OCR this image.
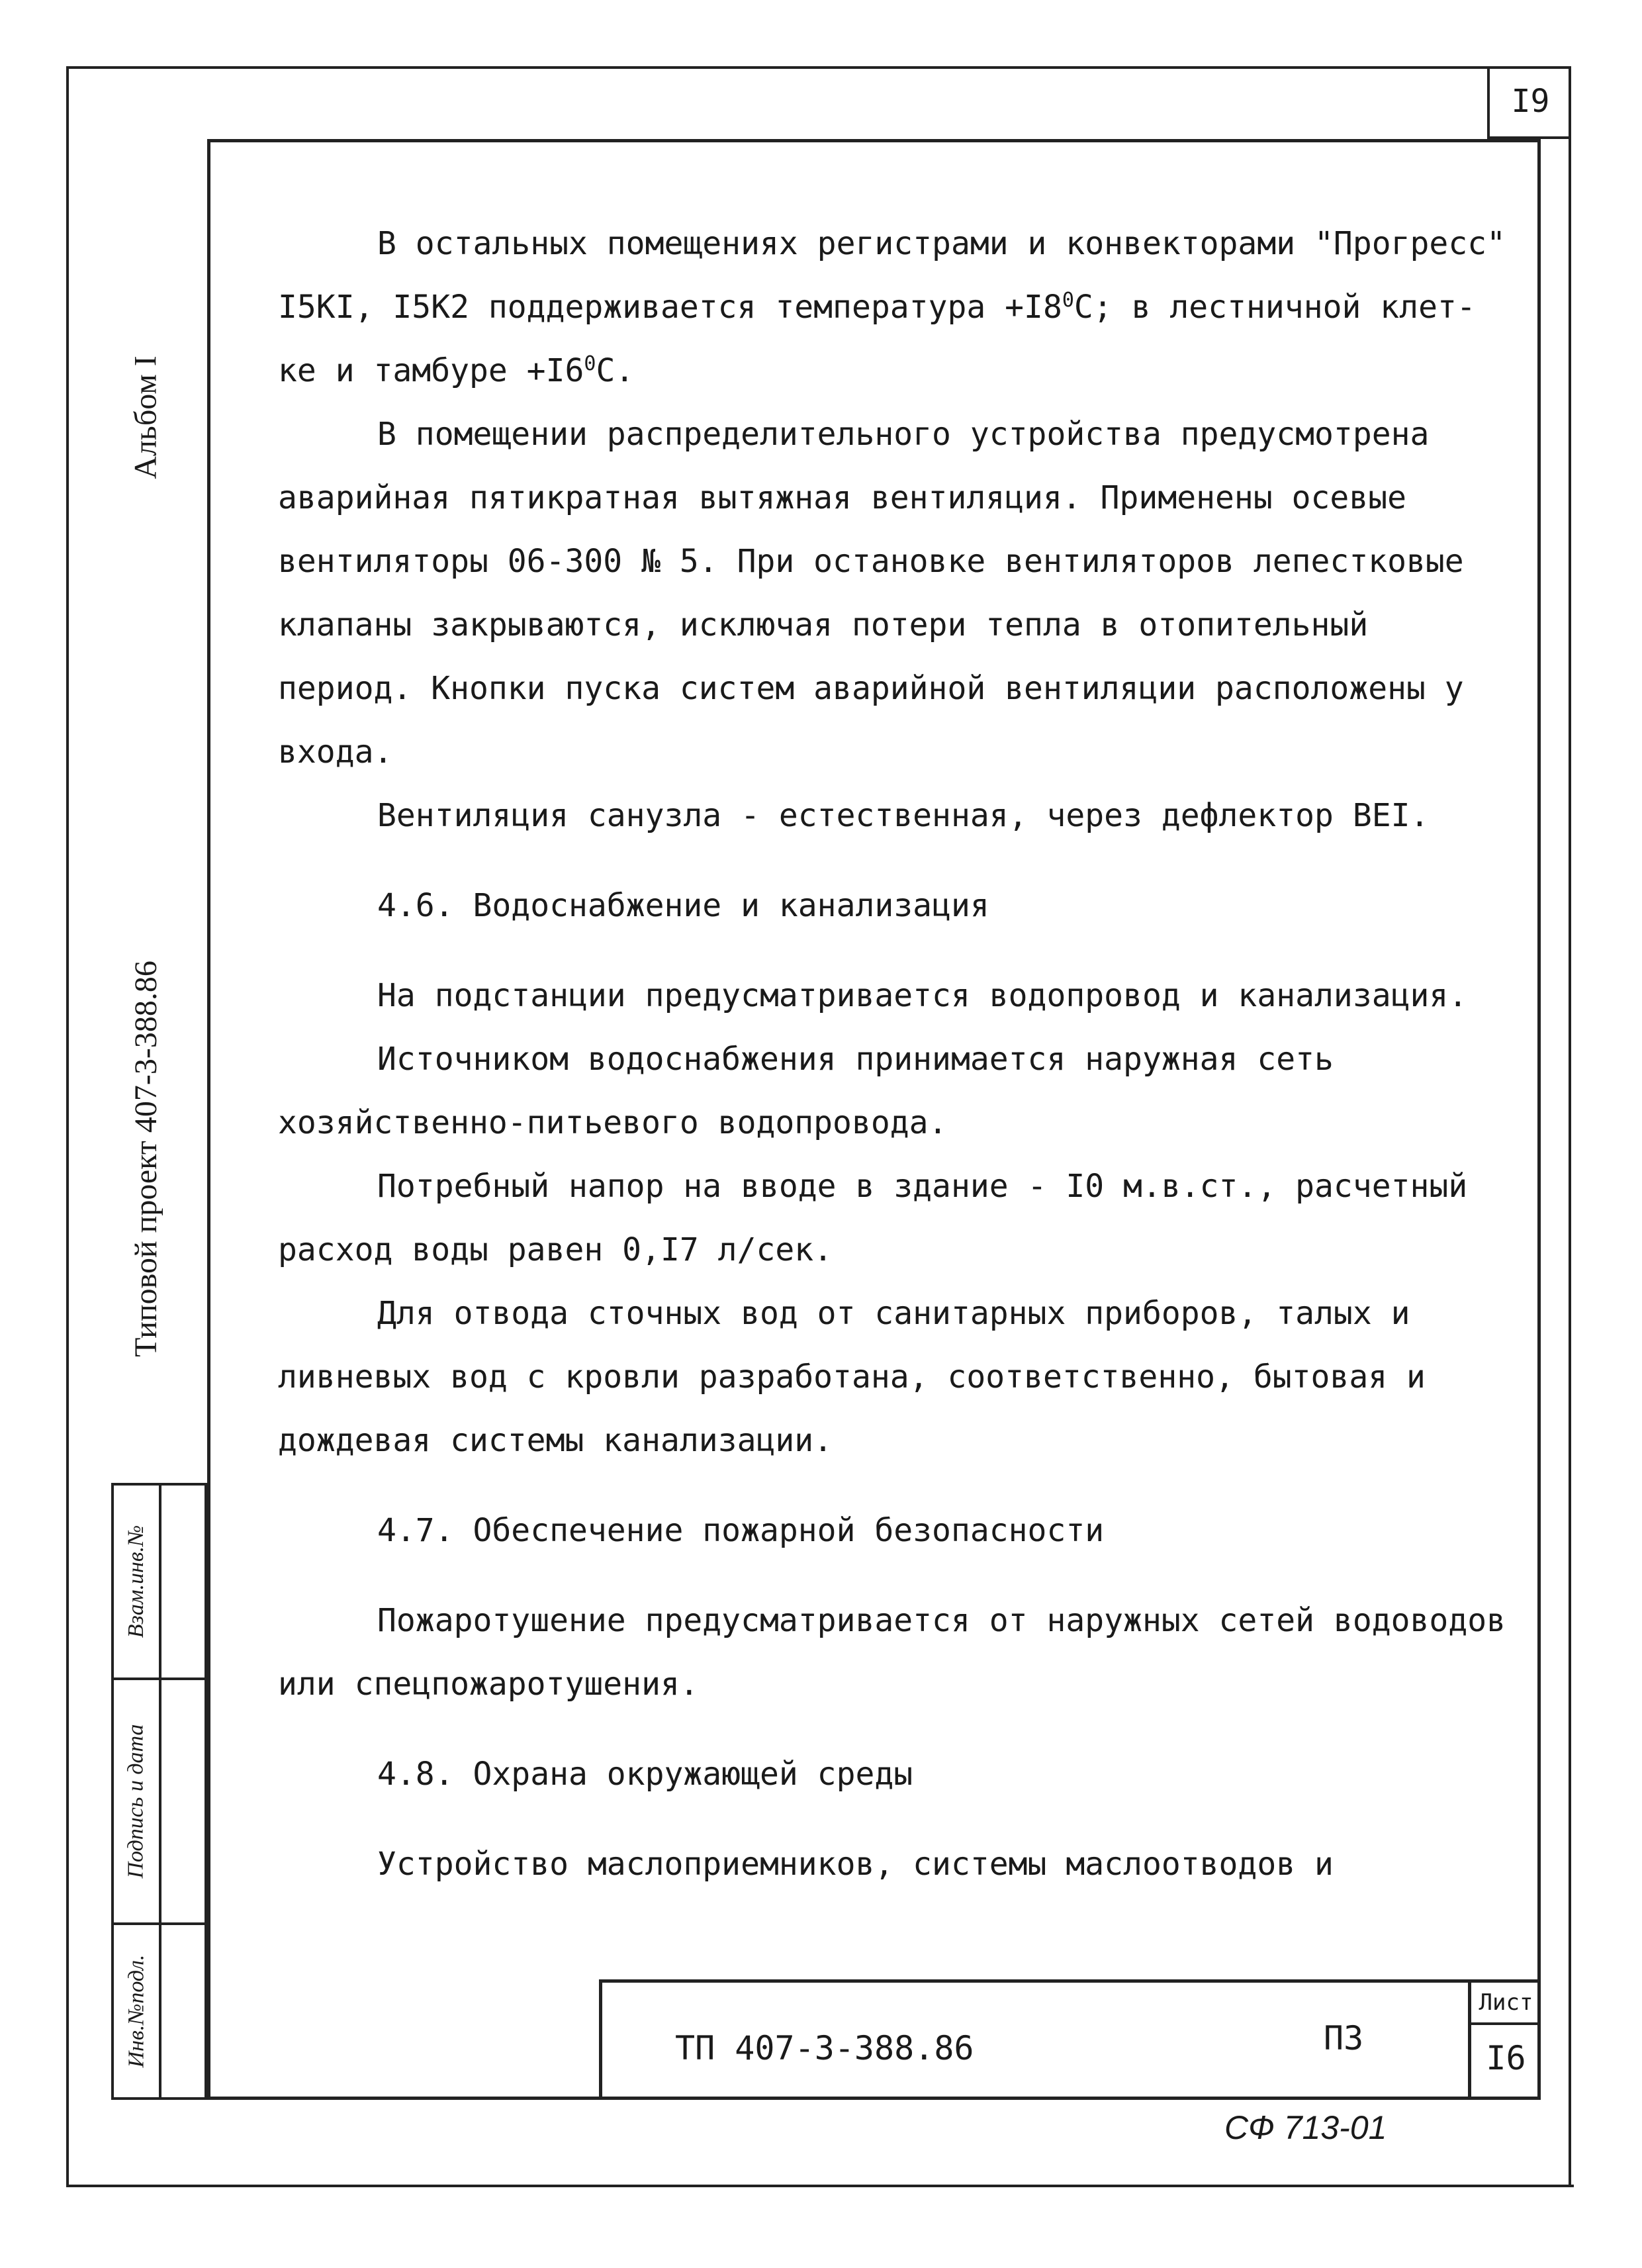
I9
Альбом I
Типовой проект 407-3-388.86
Инв.№подл.
Подпись и дата
Взам.инв.№

В остальных помещениях регистрами и конвекторами "Прогресс" I5KI, I5K2 поддерживается температура $+I8^0С$; в лестничной клет- ке и тамбуре $+I6^0С$.

В помещении распределительного устройства предусмотрена аварийная пятикратная вытяжная вентиляция. Применены осевые вентиляторы 06-300 № 5. При остановке вентиляторов лепестковые клапаны закрываются, исключая потери тепла в отопительный период. Кнопки пуска систем аварийной вентиляции расположены у входа.

Вентиляция санузла - естественная, через дефлектор BEI.

4.6. Водоснабжение и канализация

На подстанции предусматривается водопровод и канализация.

Источником водоснабжения принимается наружная сеть хозяйственно-питьевого водопровода.

Потребный напор на вводе в здание - I0 м.в.ст., расчетный расход воды равен 0,I7 л/сек.

Для отвода сточных вод от санитарных приборов, талых и ливневых вод с кровли разработана, соответственно, бытовая и дождевая системы канализации.

4.7. Обеспечение пожарной безопасности

Пожаротушение предусматривается от наружных сетей водоводов или спецпожаротушения.

4.8. Охрана окружающей среды

Устройство маслоприемников, системы маслоотводов и

ТП 407-3-388.86	ПЗ
Лист
I6
СФ 713-01
